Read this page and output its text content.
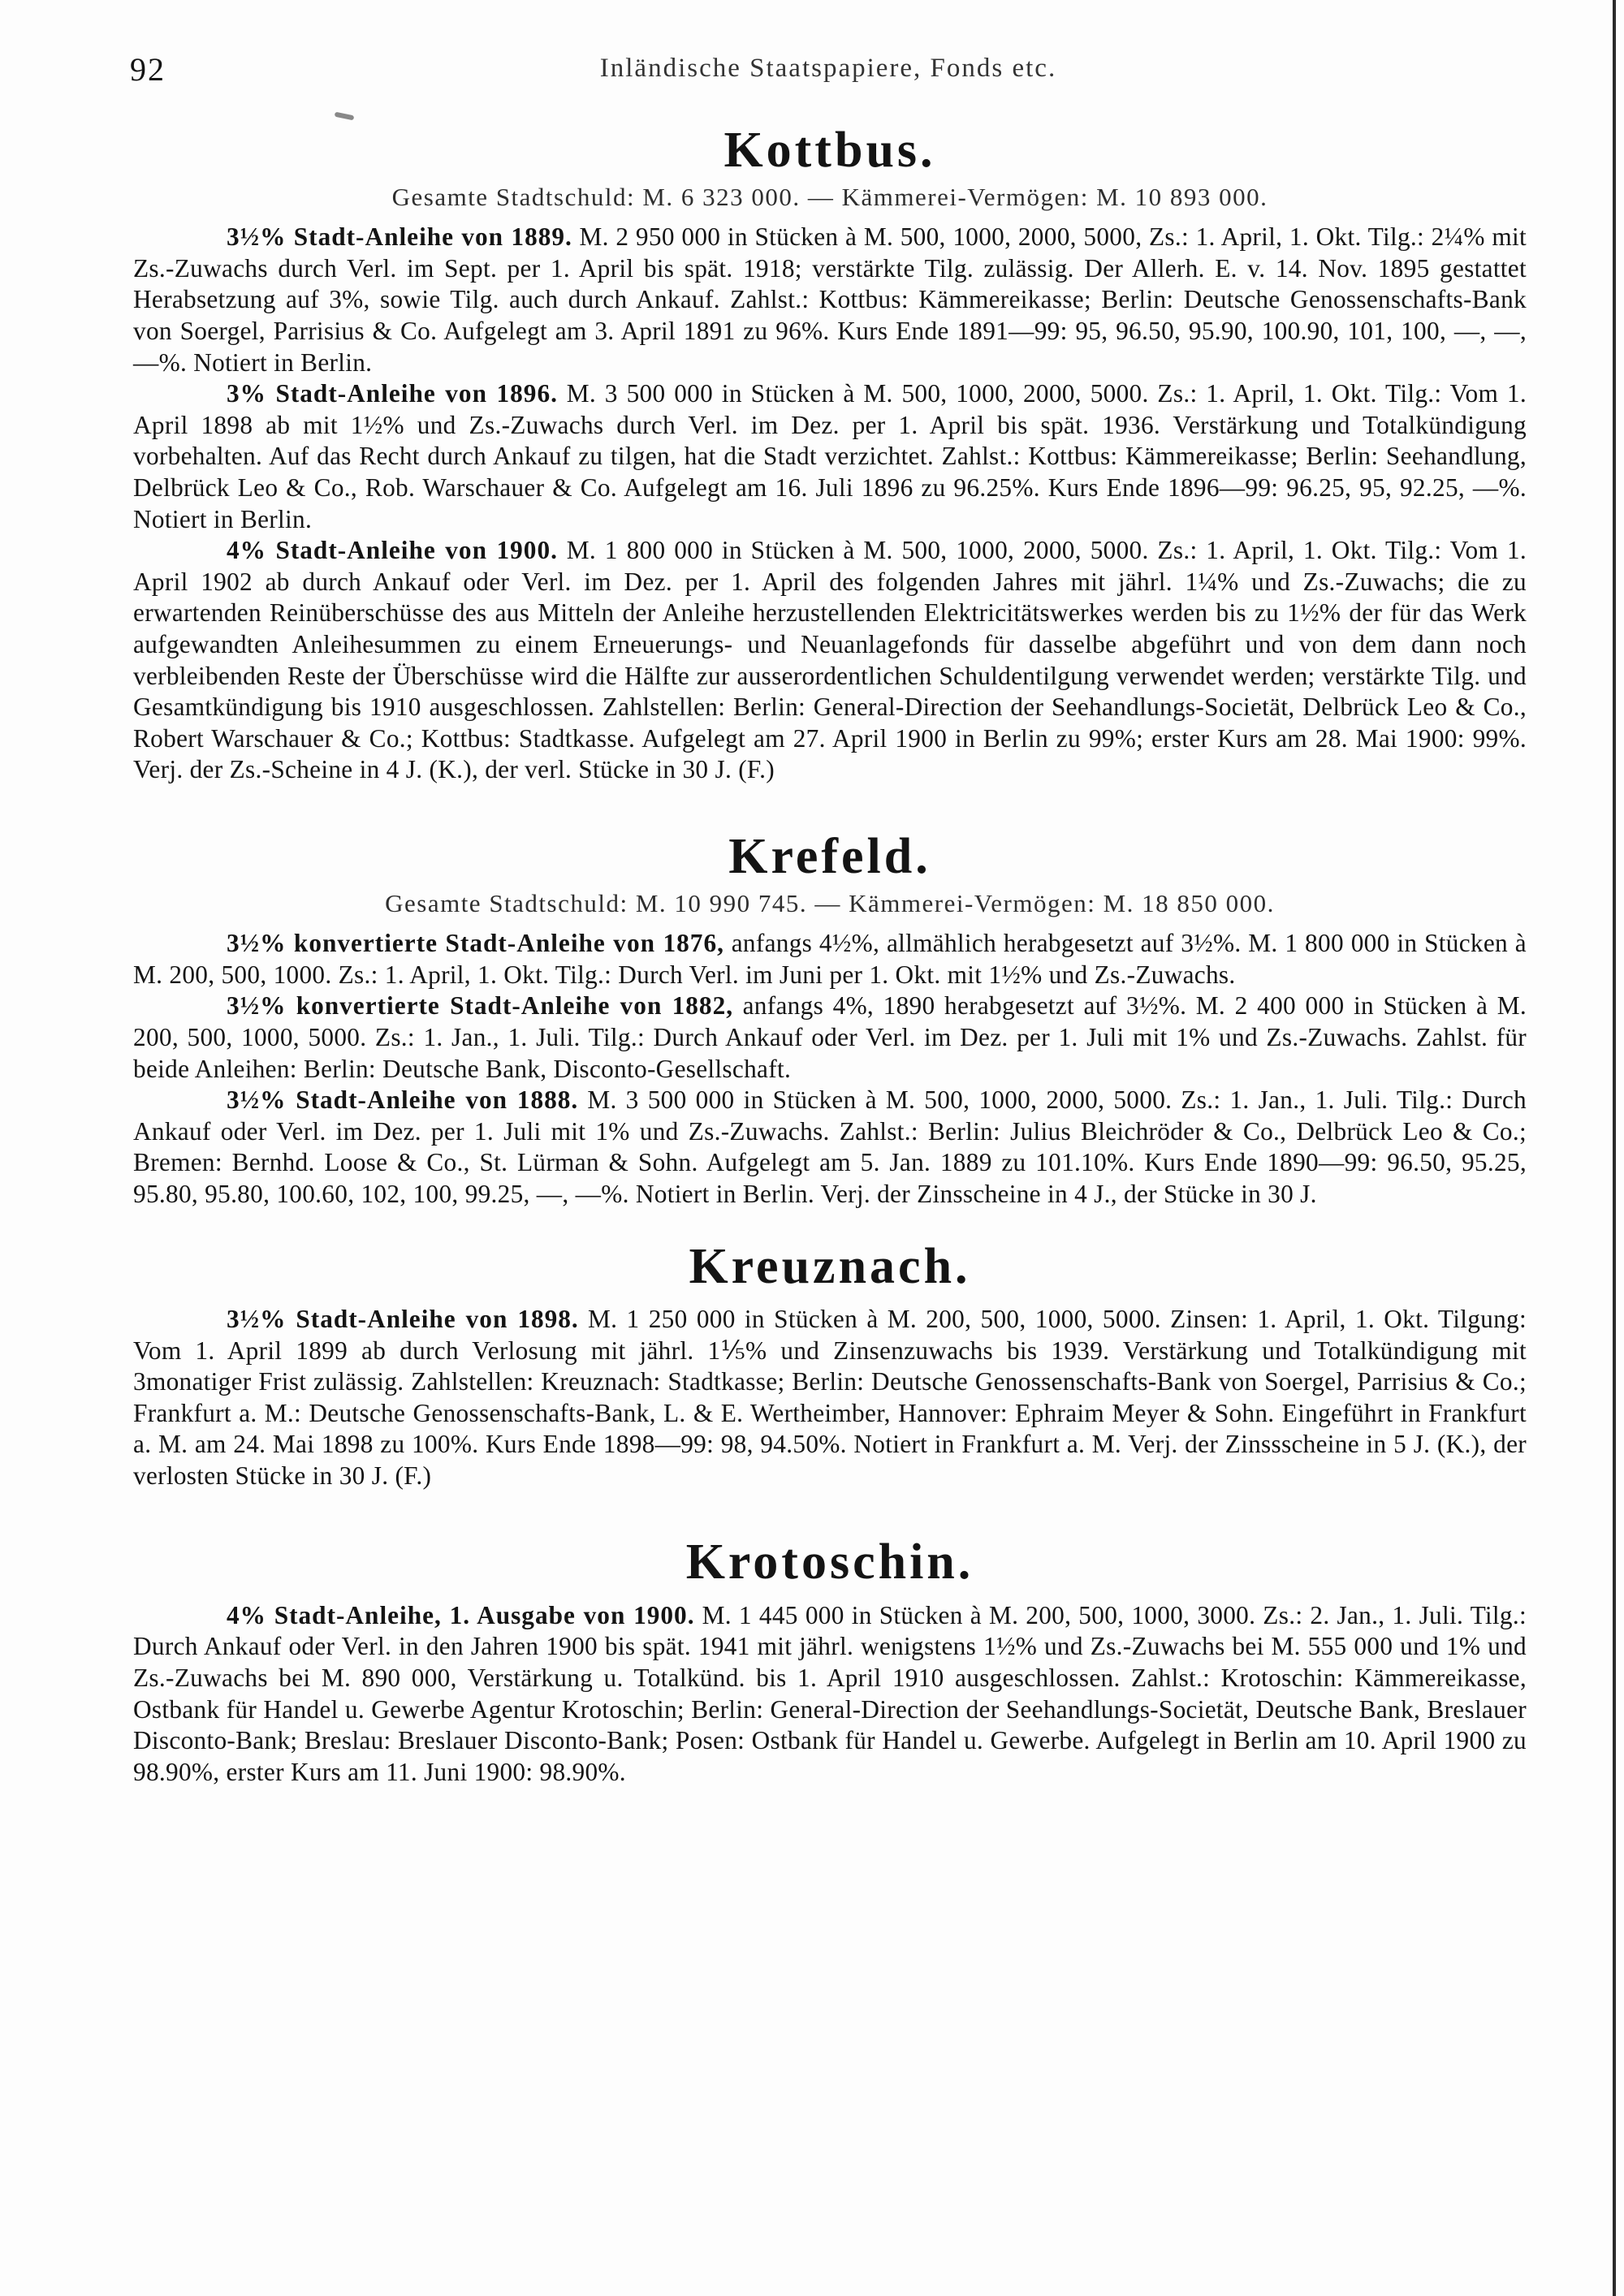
92	Inländische Staatspapiere, Fonds etc.
Kottbus.
Gesamte Stadtschuld: M. 6 323 000. — Kämmerei-Vermögen: M. 10 893 000.

3½% Stadt-Anleihe von 1889. M. 2 950 000 in Stücken à M. 500, 1000, 2000, 5000, Zs.: 1. April, 1. Okt. Tilg.: 2¼% mit Zs.-Zuwachs durch Verl. im Sept. per 1. April bis spät. 1918; verstärkte Tilg. zulässig. Der Allerh. E. v. 14. Nov. 1895 gestattet Herabsetzung auf 3%, sowie Tilg. auch durch Ankauf. Zahlst.: Kottbus: Kämmereikasse; Berlin: Deutsche Genossenschafts-Bank von Soergel, Parrisius & Co. Aufgelegt am 3. April 1891 zu 96%. Kurs Ende 1891—99: 95, 96.50, 95.90, 100.90, 101, 100, —, —, —%. Notiert in Berlin.

3% Stadt-Anleihe von 1896. M. 3 500 000 in Stücken à M. 500, 1000, 2000, 5000. Zs.: 1. April, 1. Okt. Tilg.: Vom 1. April 1898 ab mit 1½% und Zs.-Zuwachs durch Verl. im Dez. per 1. April bis spät. 1936. Verstärkung und Totalkündigung vorbehalten. Auf das Recht durch Ankauf zu tilgen, hat die Stadt verzichtet. Zahlst.: Kottbus: Kämmereikasse; Berlin: Seehandlung, Delbrück Leo & Co., Rob. Warschauer & Co. Aufgelegt am 16. Juli 1896 zu 96.25%. Kurs Ende 1896—99: 96.25, 95, 92.25, —%. Notiert in Berlin.

4% Stadt-Anleihe von 1900. M. 1 800 000 in Stücken à M. 500, 1000, 2000, 5000. Zs.: 1. April, 1. Okt. Tilg.: Vom 1. April 1902 ab durch Ankauf oder Verl. im Dez. per 1. April des folgenden Jahres mit jährl. 1¼% und Zs.-Zuwachs; die zu erwartenden Reinüberschüsse des aus Mitteln der Anleihe herzustellenden Elektricitätswerkes werden bis zu 1½% der für das Werk aufgewandten Anleihesummen zu einem Erneuerungs- und Neuanlagefonds für dasselbe abgeführt und von dem dann noch verbleibenden Reste der Überschüsse wird die Hälfte zur ausserordentlichen Schuldentilgung verwendet werden; verstärkte Tilg. und Gesamtkündigung bis 1910 ausgeschlossen. Zahlstellen: Berlin: General-Direction der Seehandlungs-Societät, Delbrück Leo & Co., Robert Warschauer & Co.; Kottbus: Stadtkasse. Aufgelegt am 27. April 1900 in Berlin zu 99%; erster Kurs am 28. Mai 1900: 99%. Verj. der Zs.-Scheine in 4 J. (K.), der verl. Stücke in 30 J. (F.)

Krefeld.
Gesamte Stadtschuld: M. 10 990 745. — Kämmerei-Vermögen: M. 18 850 000.

3½% konvertierte Stadt-Anleihe von 1876, anfangs 4½%, allmählich herabgesetzt auf 3½%. M. 1 800 000 in Stücken à M. 200, 500, 1000. Zs.: 1. April, 1. Okt. Tilg.: Durch Verl. im Juni per 1. Okt. mit 1½% und Zs.-Zuwachs.

3½% konvertierte Stadt-Anleihe von 1882, anfangs 4%, 1890 herabgesetzt auf 3½%. M. 2 400 000 in Stücken à M. 200, 500, 1000, 5000. Zs.: 1. Jan., 1. Juli. Tilg.: Durch Ankauf oder Verl. im Dez. per 1. Juli mit 1% und Zs.-Zuwachs. Zahlst. für beide Anleihen: Berlin: Deutsche Bank, Disconto-Gesellschaft.

3½% Stadt-Anleihe von 1888. M. 3 500 000 in Stücken à M. 500, 1000, 2000, 5000. Zs.: 1. Jan., 1. Juli. Tilg.: Durch Ankauf oder Verl. im Dez. per 1. Juli mit 1% und Zs.-Zuwachs. Zahlst.: Berlin: Julius Bleichröder & Co., Delbrück Leo & Co.; Bremen: Bernhd. Loose & Co., St. Lürman & Sohn. Aufgelegt am 5. Jan. 1889 zu 101.10%. Kurs Ende 1890—99: 96.50, 95.25, 95.80, 95.80, 100.60, 102, 100, 99.25, —, —%. Notiert in Berlin. Verj. der Zinsscheine in 4 J., der Stücke in 30 J.

Kreuznach.

3½% Stadt-Anleihe von 1898. M. 1 250 000 in Stücken à M. 200, 500, 1000, 5000. Zinsen: 1. April, 1. Okt. Tilgung: Vom 1. April 1899 ab durch Verlosung mit jährl. 1⅕% und Zinsenzuwachs bis 1939. Verstärkung und Totalkündigung mit 3monatiger Frist zulässig. Zahlstellen: Kreuznach: Stadtkasse; Berlin: Deutsche Genossenschafts-Bank von Soergel, Parrisius & Co.; Frankfurt a. M.: Deutsche Genossenschafts-Bank, L. & E. Wertheimber, Hannover: Ephraim Meyer & Sohn. Eingeführt in Frankfurt a. M. am 24. Mai 1898 zu 100%. Kurs Ende 1898—99: 98, 94.50%. Notiert in Frankfurt a. M. Verj. der Zinssscheine in 5 J. (K.), der verlosten Stücke in 30 J. (F.)

Krotoschin.

4% Stadt-Anleihe, 1. Ausgabe von 1900. M. 1 445 000 in Stücken à M. 200, 500, 1000, 3000. Zs.: 2. Jan., 1. Juli. Tilg.: Durch Ankauf oder Verl. in den Jahren 1900 bis spät. 1941 mit jährl. wenigstens 1½% und Zs.-Zuwachs bei M. 555 000 und 1% und Zs.-Zuwachs bei M. 890 000, Verstärkung u. Totalkünd. bis 1. April 1910 ausgeschlossen. Zahlst.: Krotoschin: Kämmereikasse, Ostbank für Handel u. Gewerbe Agentur Krotoschin; Berlin: General-Direction der Seehandlungs-Societät, Deutsche Bank, Breslauer Disconto-Bank; Breslau: Breslauer Disconto-Bank; Posen: Ostbank für Handel u. Gewerbe. Aufgelegt in Berlin am 10. April 1900 zu 98.90%, erster Kurs am 11. Juni 1900: 98.90%.
